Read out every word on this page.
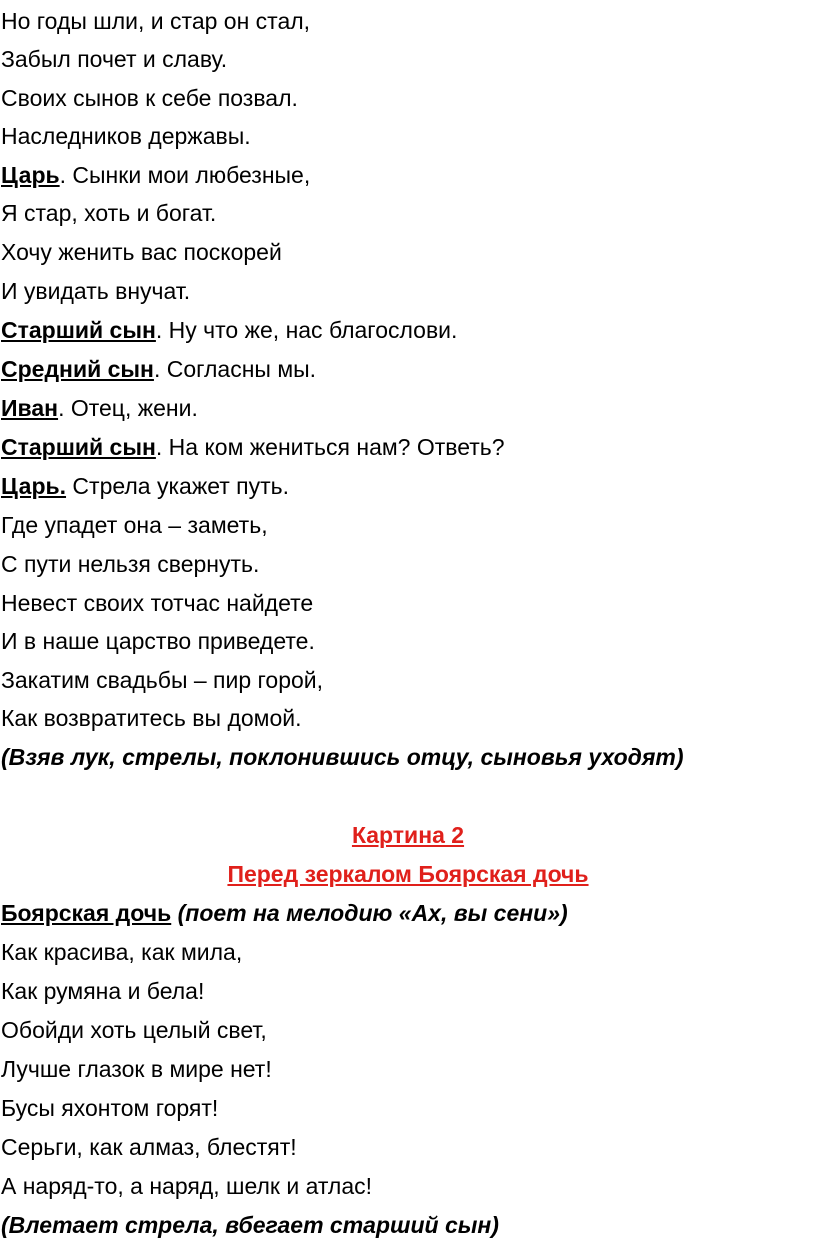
Но годы шли, и стар он стал,

Забыл почет и славу.

Своих сынов к себе позвал.

Наследников державы.

Царь. Сынки мои любезные,

Я стар, хоть и богат.

Хочу женить вас поскорей

И увидать внучат.

Старший сын. Ну что же, нас благослови.

Средний сын. Согласны мы.

Иван. Отец, жени.

Старший сын. На ком жениться нам? Ответь?

Царь. Стрела укажет путь.

Где упадет она – заметь,

С пути нельзя свернуть.

Невест своих тотчас найдете

И в наше царство приведете.

Закатим свадьбы – пир горой,

Как возвратитесь вы домой.

(Взяв лук, стрелы, поклонившись отцу, сыновья уходят)

Картина 2

Перед зеркалом Боярская дочь

Боярская дочь (поет на мелодию «Ах, вы сени»)

Как красива, как мила,

Как румяна и бела!

Обойди хоть целый свет,

Лучше глазок в мире нет!

Бусы яхонтом горят!

Серьги, как алмаз, блестят!

А наряд-то, а наряд, шелк и атлас!

(Влетает стрела, вбегает старший сын)
